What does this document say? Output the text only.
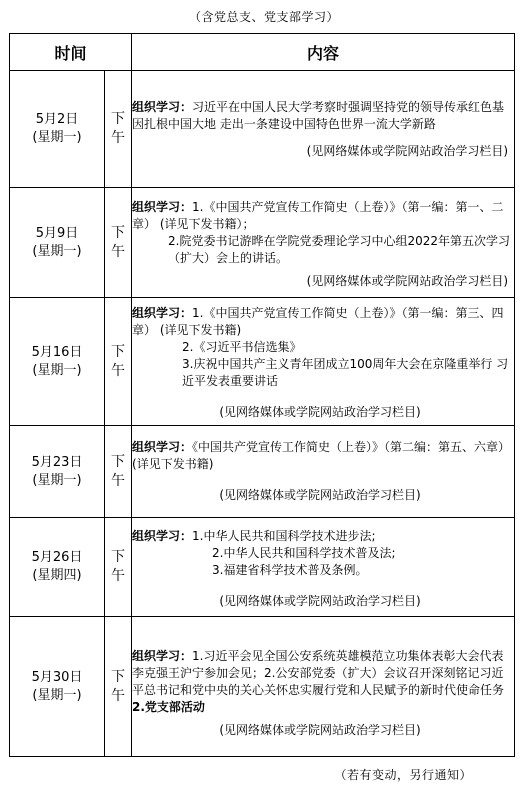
（含党总支、党支部学习）
时间		内容

5月2日
(星期一)	下午	组织学习：习近平在中国人民大学考察时强调坚持党的领导传承红色基因扎根中国大地 走出一条建设中国特色世界一流大学新路
(见网络媒体或学院网站政治学习栏目)

5月9日
(星期一)	下午	组织学习：1.《中国共产党宣传工作简史（上卷）》（第一编：第一、二章） (详见下发书籍）；
2.院党委书记游晔在学院党委理论学习中心组2022年第五次学习（扩大）会上的讲话。
(见网络媒体或学院网站政治学习栏目)

5月16日
(星期一)	下午	组织学习：1.《中国共产党宣传工作简史（上卷）》（第一编：第三、四章） (详见下发书籍)
2.《习近平书信选集》
3.庆祝中国共产主义青年团成立100周年大会在京隆重举行 习近平发表重要讲话
(见网络媒体或学院网站政治学习栏目)

5月23日
(星期一)	下午	组织学习：《中国共产党宣传工作简史（上卷）》（第二编：第五、六章） (详见下发书籍)
(见网络媒体或学院网站政治学习栏目)

5月26日
(星期四)	下午	组织学习：1.中华人民共和国科学技术进步法;
2.中华人民共和国科学技术普及法;
3.福建省科学技术普及条例。
(见网络媒体或学院网站政治学习栏目)

5月30日
(星期一)	下午	组织学习：1.习近平会见全国公安系统英雄模范立功集体表彰大会代表李克强王沪宁参加会见；2.公安部党委（扩大）会议召开深刻铭记习近平总书记和党中央的关心关怀忠实履行党和人民赋予的新时代使命任务
2.党支部活动
(见网络媒体或学院网站政治学习栏目)
（若有变动，另行通知）
